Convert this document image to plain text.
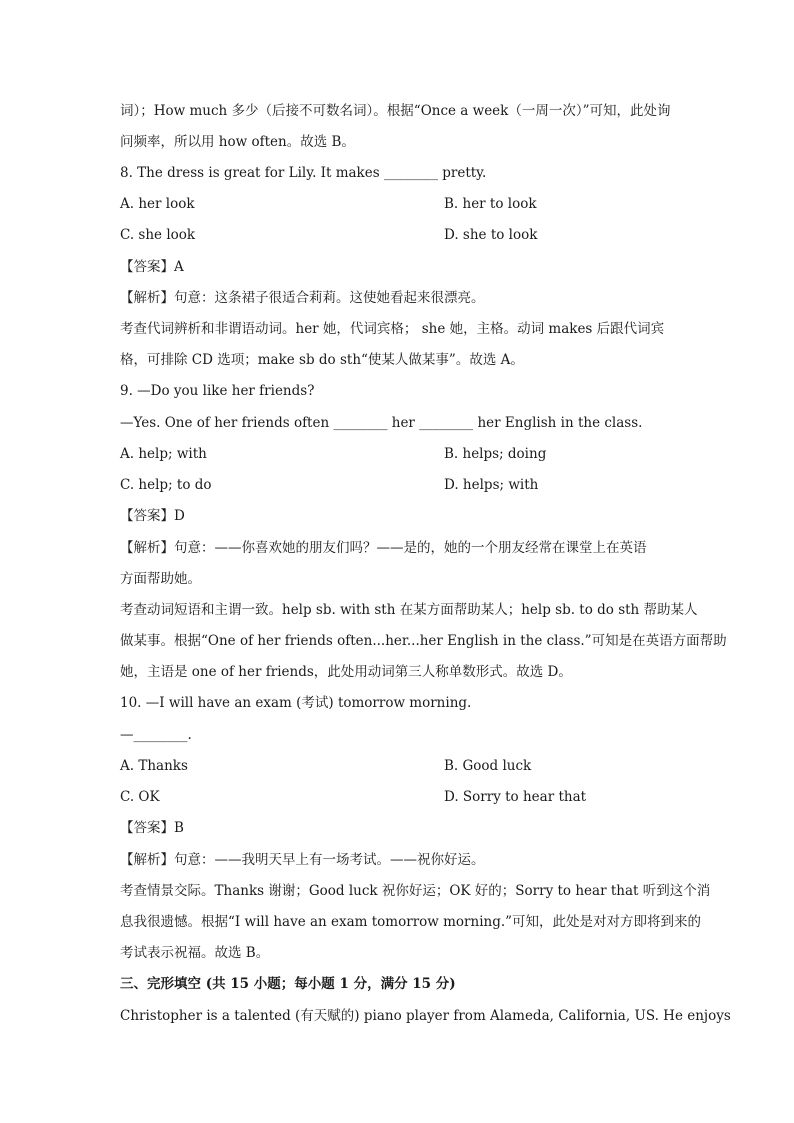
词）；How much 多少（后接不可数名词）。根据“Once a week（一周一次）”可知，此处询
问频率，所以用 how often。故选 B。
8. The dress is great for Lily. It makes ________ pretty.
A. her look	B. her to look
C. she look	D. she to look
【答案】A
【解析】句意：这条裙子很适合莉莉。这使她看起来很漂亮。
考查代词辨析和非谓语动词。her 她，代词宾格； she 她，主格。动词 makes 后跟代词宾
格，可排除 CD 选项；make sb do sth“使某人做某事”。故选 A。
9. —Do you like her friends?
—Yes. One of her friends often ________ her ________ her English in the class.
A. help; with	B. helps; doing
C. help; to do	D. helps; with
【答案】D
【解析】句意：——你喜欢她的朋友们吗？——是的，她的一个朋友经常在课堂上在英语
方面帮助她。
考查动词短语和主谓一致。help sb. with sth 在某方面帮助某人；help sb. to do sth 帮助某人
做某事。根据“One of her friends often...her...her English in the class.”可知是在英语方面帮助
她，主语是 one of her friends，此处用动词第三人称单数形式。故选 D。
10. —I will have an exam (考试) tomorrow morning.
—________.
A. Thanks	B. Good luck
C. OK	D. Sorry to hear that
【答案】B
【解析】句意：——我明天早上有一场考试。——祝你好运。
考查情景交际。Thanks 谢谢；Good luck 祝你好运；OK 好的；Sorry to hear that 听到这个消
息我很遗憾。根据“I will have an exam tomorrow morning.”可知，此处是对对方即将到来的
考试表示祝福。故选 B。
三、完形填空 (共 15 小题；每小题 1 分，满分 15 分)
Christopher is a talented (有天赋的) piano player from Alameda, California, US. He enjoys
